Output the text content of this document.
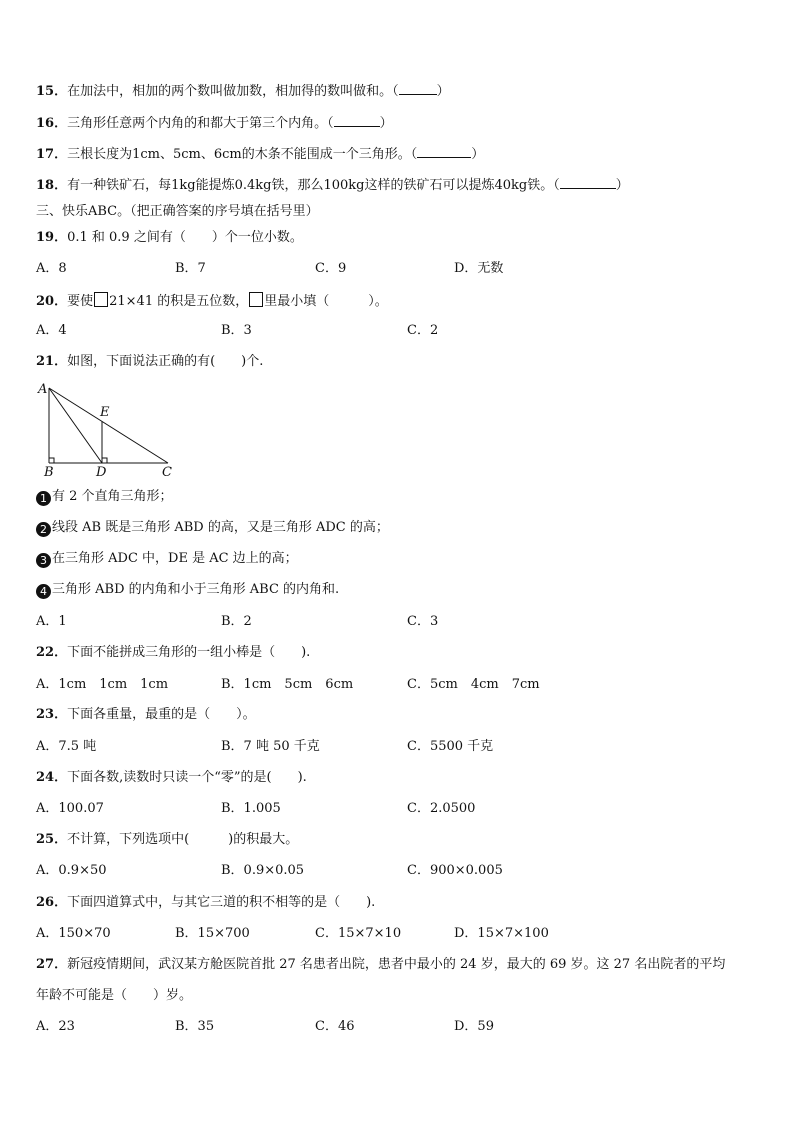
15．在加法中，相加的两个数叫做加数，相加得的数叫做和。（	）
16．三角形任意两个内角的和都大于第三个内角。（	）
17．三根长度为1cm、5cm、6cm的木条不能围成一个三角形。（	）
18．有一种铁矿石，每1kg能提炼0.4kg铁，那么100kg这样的铁矿石可以提炼40kg铁。（	）
三、快乐ABC。（把正确答案的序号填在括号里）
19．0.1 和 0.9 之间有（　　）个一位小数。
A．8	B．7	C．9	D．无数
20．要使 21×41 的积是五位数， 里最小填（　　　）。
A．4	B．3	C．2
21．如图，下面说法正确的有(　　)个.
A
B	C
D
E
1 有 2 个直角三角形；
2 线段 AB 既是三角形 ABD 的高，又是三角形 ADC 的高；
3 在三角形 ADC 中，DE 是 AC 边上的高；
4 三角形 ABD 的内角和小于三角形 ABC 的内角和.
A．1	B．2	C．3
22．下面不能拼成三角形的一组小棒是（　　).
A．1cm　1cm　1cm	B．1cm　5cm　6cm	C．5cm　4cm　7cm
23．下面各重量，最重的是（　　）。
A．7.5 吨	B．7 吨 50 千克	C．5500 千克
24．下面各数,读数时只读一个“零”的是(　　).
A．100.07	B．1.005	C．2.0500
25．不计算，下列选项中(　　　)的积最大。
A．0.9×50	B．0.9×0.05	C．900×0.005
26．下面四道算式中，与其它三道的积不相等的是（　　).
A．150×70	B．15×700	C．15×7×10	D．15×7×100
27．新冠疫情期间，武汉某方舱医院首批 27 名患者出院，患者中最小的 24 岁，最大的 69 岁。这 27 名出院者的平均
年龄不可能是（　　）岁。
A．23	B．35	C．46	D．59
